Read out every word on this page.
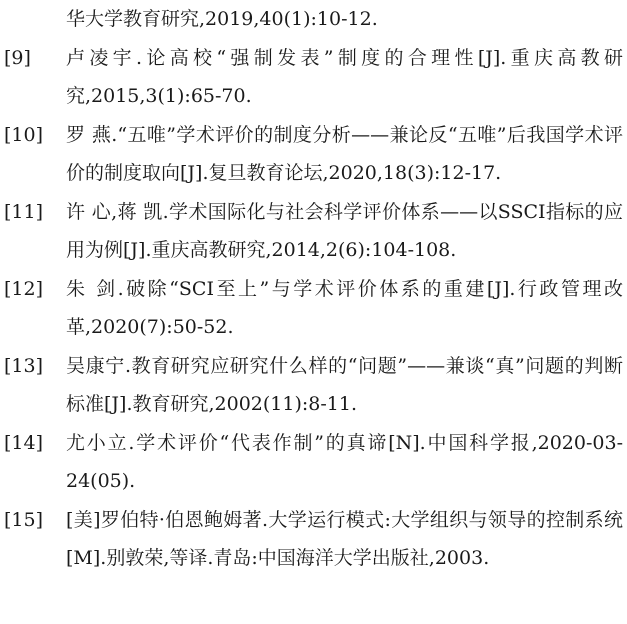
华大学教育研究,2019,40(1):10-12.
[9]	卢凌宇.论高校“强制发表”制度的合理性[J].重庆高教研究,2015,3(1):65-70.
[10]	罗 燕.“五唯”学术评价的制度分析——兼论反“五唯”后我国学术评价的制度取向[J].复旦教育论坛,2020,18(3):12-17.
[11]	许 心,蒋 凯.学术国际化与社会科学评价体系——以SSCI指标的应用为例[J].重庆高教研究,2014,2(6):104-108.
[12]	朱 剑.破除“SCI至上”与学术评价体系的重建[J].行政管理改革,2020(7):50-52.
[13]	吴康宁.教育研究应研究什么样的“问题”——兼谈“真”问题的判断标准[J].教育研究,2002(11):8-11.
[14]	尤小立.学术评价“代表作制”的真谛[N].中国科学报,2020-03-24(05).
[15]	[美]罗伯特·伯恩鲍姆著.大学运行模式:大学组织与领导的控制系统[M].别敦荣,等译.青岛:中国海洋大学出版社,2003.
